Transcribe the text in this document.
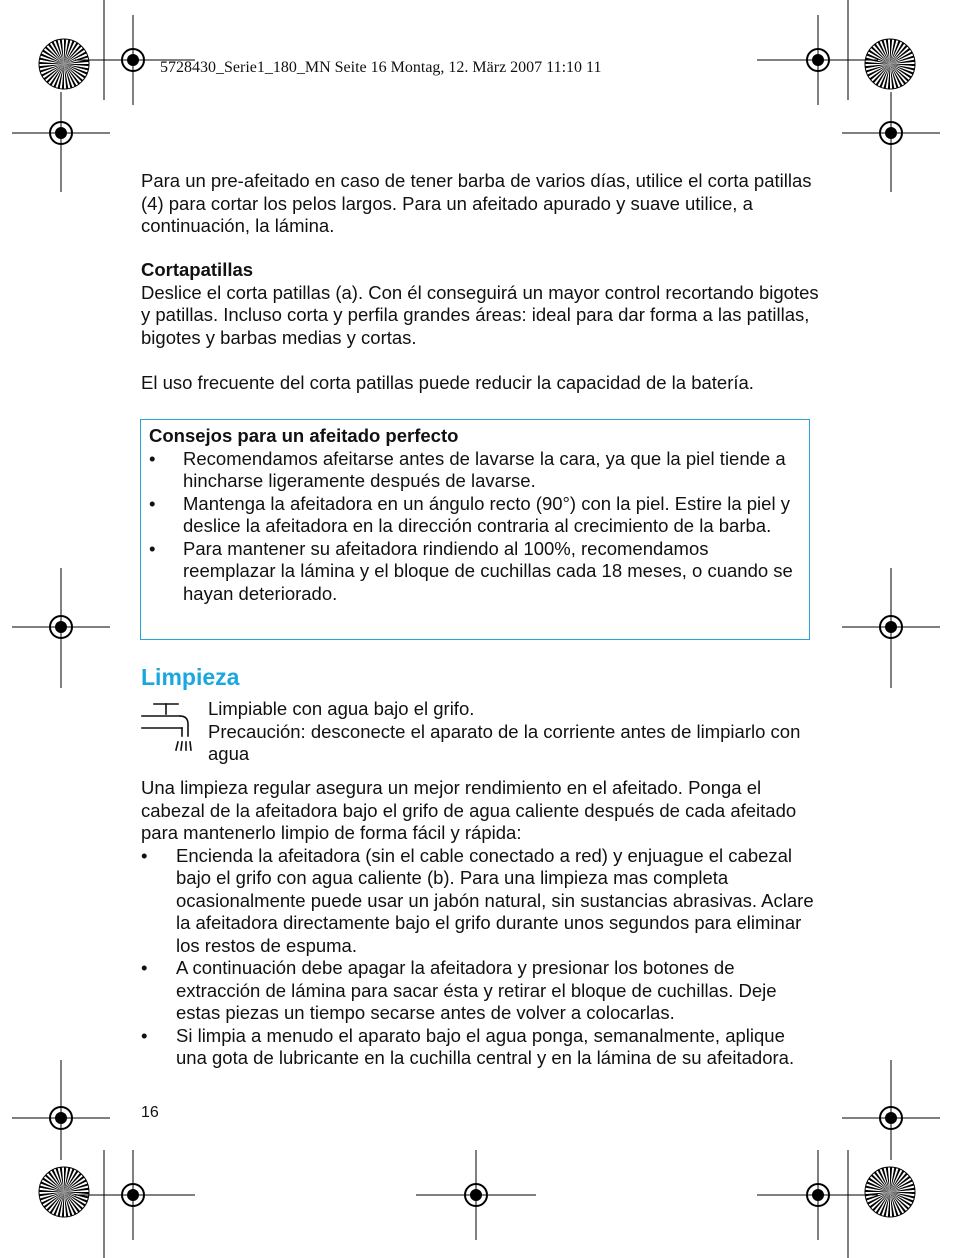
5728430_Serie1_180_MN Seite 16 Montag, 12. März 2007 11:10 11
Para un pre-afeitado en caso de tener barba de varios días, utilice el corta patillas (4) para cortar los pelos largos. Para un afeitado apurado y suave utilice, a continuación, la lámina.

Cortapatillas

Deslice el corta patillas (a). Con él conseguirá un mayor control recortando bigotes y patillas. Incluso corta y perfila grandes áreas: ideal para dar forma a las patillas, bigotes y barbas medias y cortas.

El uso frecuente del corta patillas puede reducir la capacidad de la batería.

Consejos para un afeitado perfecto

• Recomendamos afeitarse antes de lavarse la cara, ya que la piel tiende a hincharse ligeramente después de lavarse.

• Mantenga la afeitadora en un ángulo recto (90°) con la piel. Estire la piel y deslice la afeitadora en la dirección contraria al crecimiento de la barba.

• Para mantener su afeitadora rindiendo al 100%, recomendamos reemplazar la lámina y el bloque de cuchillas cada 18 meses, o cuando se hayan deteriorado.

Limpieza

Limpiable con agua bajo el grifo.

Precaución: desconecte el aparato de la corriente antes de limpiarlo con agua

Una limpieza regular asegura un mejor rendimiento en el afeitado. Ponga el cabezal de la afeitadora bajo el grifo de agua caliente después de cada afeitado para mantenerlo limpio de forma fácil y rápida:

• Encienda la afeitadora (sin el cable conectado a red) y enjuague el cabezal bajo el grifo con agua caliente (b). Para una limpieza mas completa ocasionalmente puede usar un jabón natural, sin sustancias abrasivas. Aclare la afeitadora directamente bajo el grifo durante unos segundos para eliminar los restos de espuma.

• A continuación debe apagar la afeitadora y presionar los botones de extracción de lámina para sacar ésta y retirar el bloque de cuchillas. Deje estas piezas un tiempo secarse antes de volver a colocarlas.

• Si limpia a menudo el aparato bajo el agua ponga, semanalmente, aplique una gota de lubricante en la cuchilla central y en la lámina de su afeitadora.

16
